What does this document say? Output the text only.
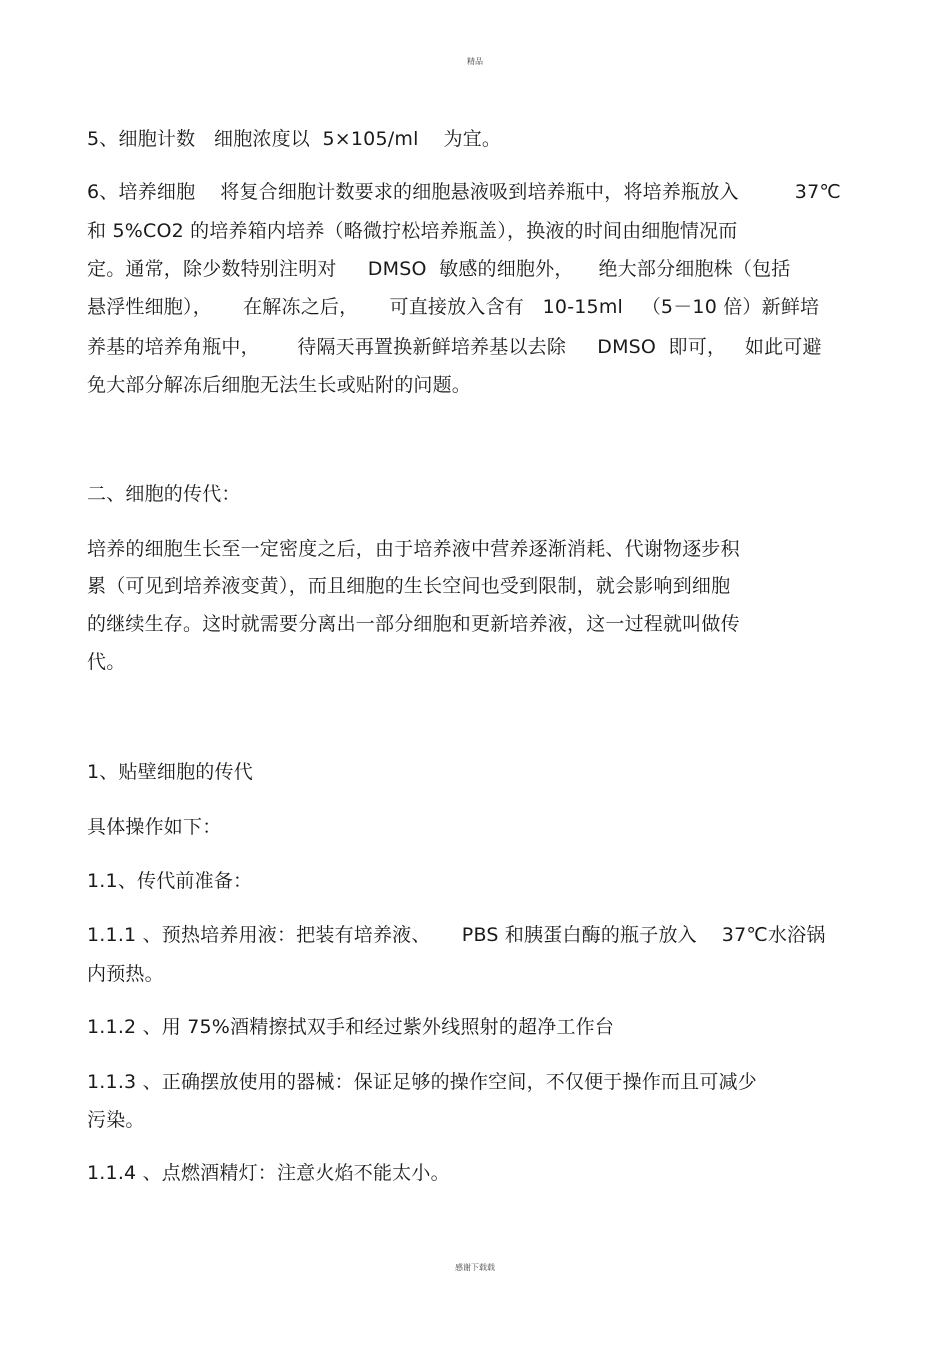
精品
5、细胞计数   细胞浓度以  5×105/ml    为宜。
6、培养细胞    将复合细胞计数要求的细胞悬液吸到培养瓶中，将培养瓶放入         37℃
和 5%CO2 的培养箱内培养（略微拧松培养瓶盖），换液的时间由细胞情况而
定。通常，除少数特别注明对     DMSO  敏感的细胞外，    绝大部分细胞株（包括
悬浮性细胞），     在解冻之后，     可直接放入含有   10-15ml   （5－10 倍）新鲜培
养基的培养角瓶中，      待隔天再置换新鲜培养基以去除     DMSO  即可，   如此可避
免大部分解冻后细胞无法生长或贴附的问题。
二、细胞的传代：
培养的细胞生长至一定密度之后，由于培养液中营养逐渐消耗、代谢物逐步积
累（可见到培养液变黄），而且细胞的生长空间也受到限制，就会影响到细胞
的继续生存。这时就需要分离出一部分细胞和更新培养液，这一过程就叫做传
代。
1、贴壁细胞的传代
具体操作如下：
1.1、传代前准备：
1.1.1 、预热培养用液：把装有培养液、     PBS 和胰蛋白酶的瓶子放入    37℃水浴锅
内预热。
1.1.2 、用 75%酒精擦拭双手和经过紫外线照射的超净工作台
1.1.3 、正确摆放使用的器械：保证足够的操作空间，不仅便于操作而且可减少
污染。
1.1.4 、点燃酒精灯：注意火焰不能太小。
感谢下载载
